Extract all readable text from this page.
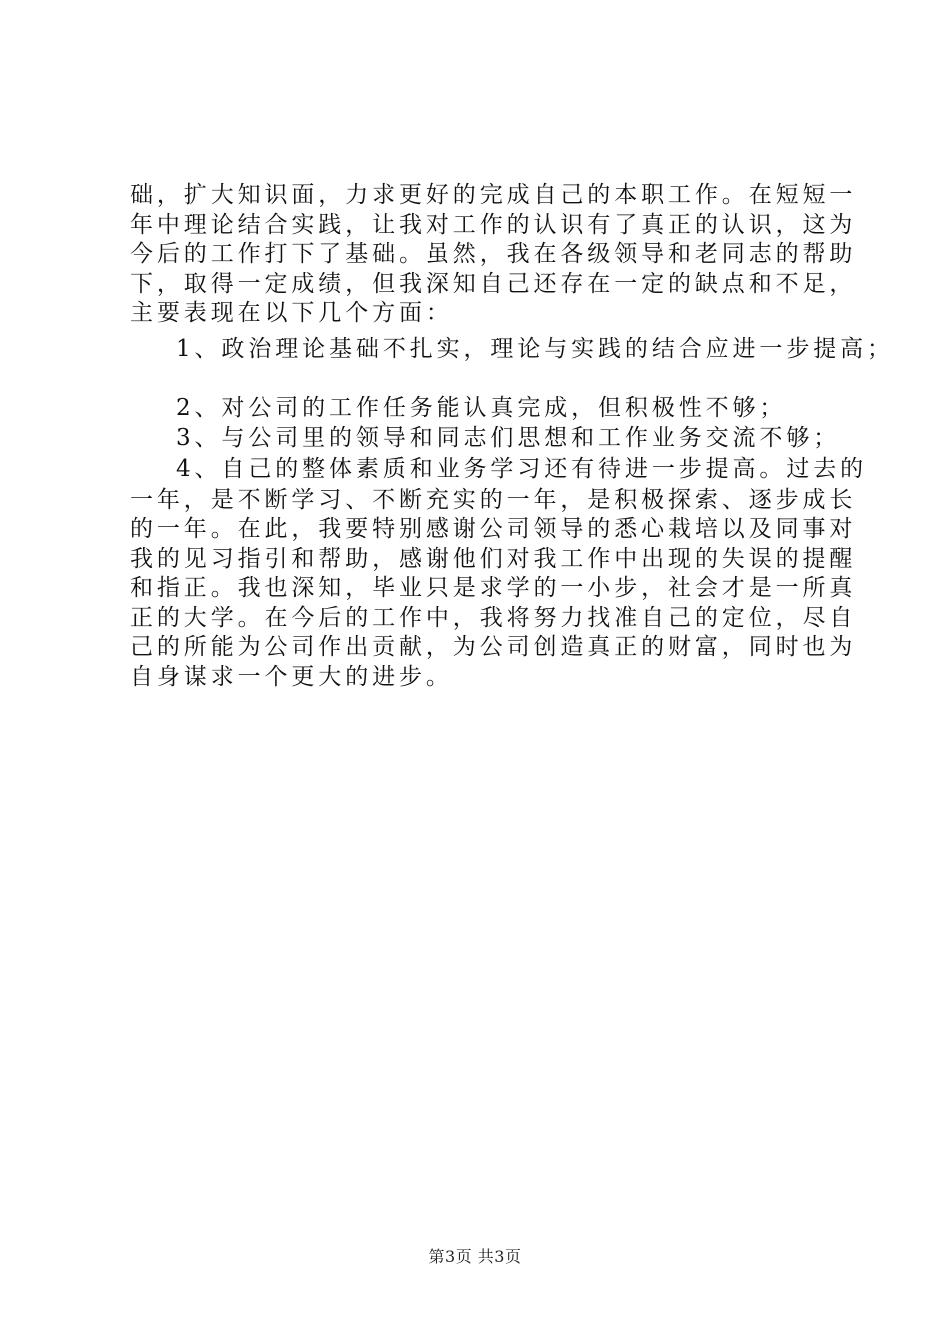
础，扩大知识面，力求更好的完成自己的本职工作。在短短一
年中理论结合实践，让我对工作的认识有了真正的认识，这为
今后的工作打下了基础。虽然，我在各级领导和老同志的帮助
下，取得一定成绩，但我深知自己还存在一定的缺点和不足，
主要表现在以下几个方面：
1、政治理论基础不扎实，理论与实践的结合应进一步提高；
2、对公司的工作任务能认真完成，但积极性不够；
3、与公司里的领导和同志们思想和工作业务交流不够；
4、自己的整体素质和业务学习还有待进一步提高。过去的
一年，是不断学习、不断充实的一年，是积极探索、逐步成长
的一年。在此，我要特别感谢公司领导的悉心栽培以及同事对
我的见习指引和帮助，感谢他们对我工作中出现的失误的提醒
和指正。我也深知，毕业只是求学的一小步，社会才是一所真
正的大学。在今后的工作中，我将努力找准自己的定位，尽自
己的所能为公司作出贡献，为公司创造真正的财富，同时也为
自身谋求一个更大的进步。
第3页 共3页
